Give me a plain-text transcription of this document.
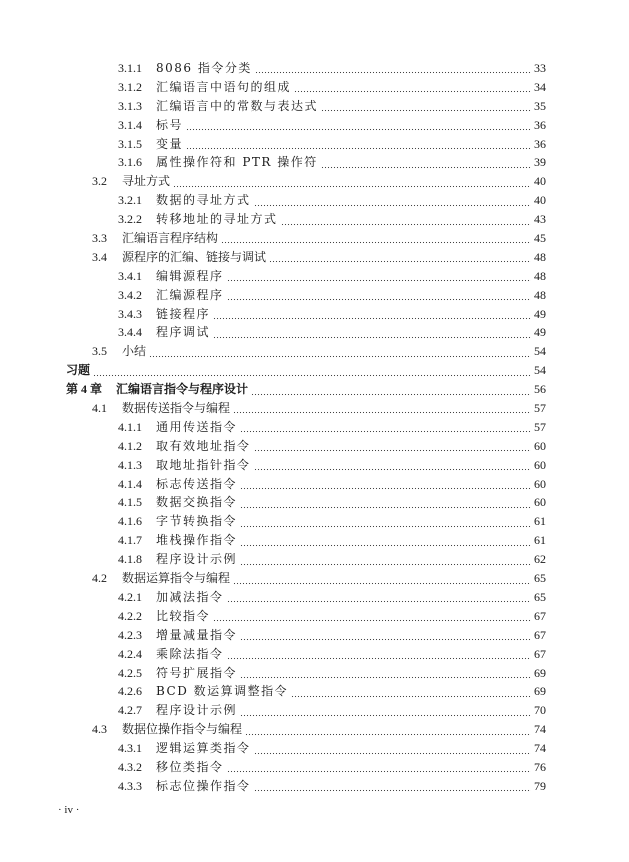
3.1.1	8086 指令分类	33
3.1.2	汇编语言中语句的组成	34
3.1.3	汇编语言中的常数与表达式	35
3.1.4	标号	36
3.1.5	变量	36
3.1.6	属性操作符和 PTR 操作符	39
3.2	寻址方式	40
3.2.1	数据的寻址方式	40
3.2.2	转移地址的寻址方式	43
3.3	汇编语言程序结构	45
3.4	源程序的汇编、链接与调试	48
3.4.1	编辑源程序	48
3.4.2	汇编源程序	48
3.4.3	链接程序	49
3.4.4	程序调试	49
3.5	小结	54
习题	54
第 4 章	汇编语言指令与程序设计	56
4.1	数据传送指令与编程	57
4.1.1	通用传送指令	57
4.1.2	取有效地址指令	60
4.1.3	取地址指针指令	60
4.1.4	标志传送指令	60
4.1.5	数据交换指令	60
4.1.6	字节转换指令	61
4.1.7	堆栈操作指令	61
4.1.8	程序设计示例	62
4.2	数据运算指令与编程	65
4.2.1	加减法指令	65
4.2.2	比较指令	67
4.2.3	增量减量指令	67
4.2.4	乘除法指令	67
4.2.5	符号扩展指令	69
4.2.6	BCD 数运算调整指令	69
4.2.7	程序设计示例	70
4.3	数据位操作指令与编程	74
4.3.1	逻辑运算类指令	74
4.3.2	移位类指令	76
4.3.3	标志位操作指令	79
· iv ·
